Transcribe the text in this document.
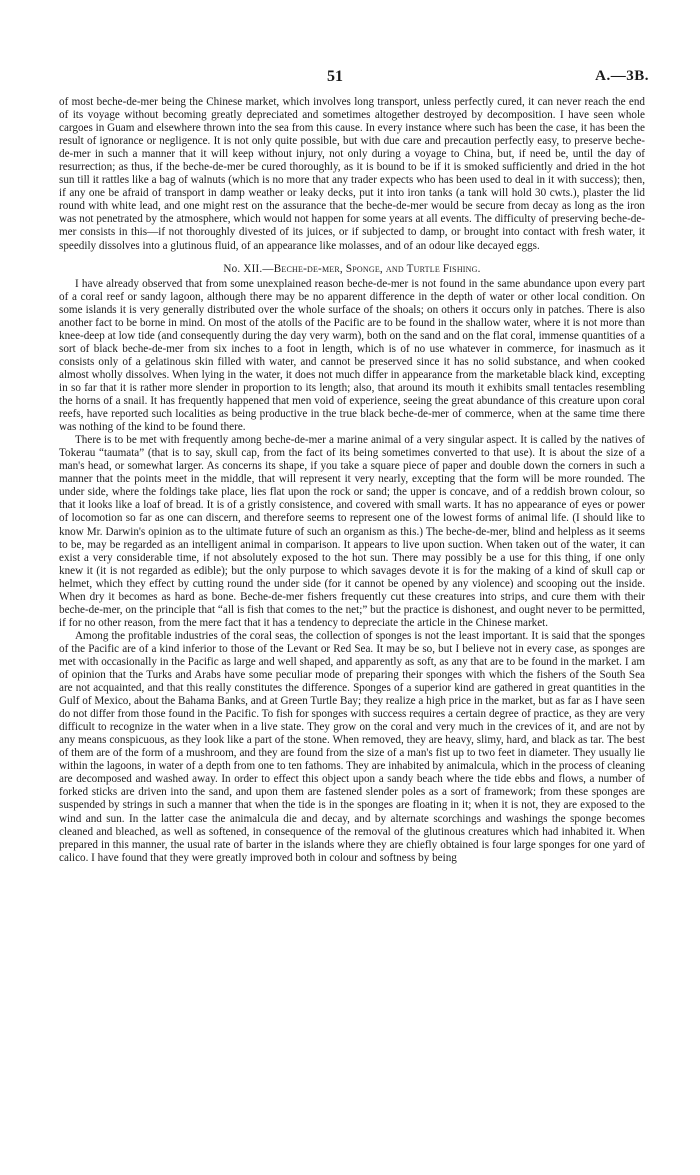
51	A.—3B.

of most beche-de-mer being the Chinese market, which involves long transport, unless perfectly cured, it can never reach the end of its voyage without becoming greatly depreciated and sometimes altogether destroyed by decomposition. I have seen whole cargoes in Guam and elsewhere thrown into the sea from this cause. In every instance where such has been the case, it has been the result of ignorance or negligence. It is not only quite possible, but with due care and precaution perfectly easy, to preserve beche-de-mer in such a manner that it will keep without injury, not only during a voyage to China, but, if need be, until the day of resurrection; as thus, if the beche-de-mer be cured thoroughly, as it is bound to be if it is smoked sufficiently and dried in the hot sun till it rattles like a bag of walnuts (which is no more that any trader expects who has been used to deal in it with success); then, if any one be afraid of transport in damp weather or leaky decks, put it into iron tanks (a tank will hold 30 cwts.), plaster the lid round with white lead, and one might rest on the assurance that the beche-de-mer would be secure from decay as long as the iron was not penetrated by the atmosphere, which would not happen for some years at all events. The difficulty of preserving beche-de-mer consists in this—if not thoroughly divested of its juices, or if subjected to damp, or brought into contact with fresh water, it speedily dissolves into a glutinous fluid, of an appearance like molasses, and of an odour like decayed eggs.

No. XII.—Beche-de-mer, Sponge, and Turtle Fishing.

I have already observed that from some unexplained reason beche-de-mer is not found in the same abundance upon every part of a coral reef or sandy lagoon, although there may be no apparent difference in the depth of water or other local condition. On some islands it is very generally distributed over the whole surface of the shoals; on others it occurs only in patches. There is also another fact to be borne in mind. On most of the atolls of the Pacific are to be found in the shallow water, where it is not more than knee-deep at low tide (and consequently during the day very warm), both on the sand and on the flat coral, immense quantities of a sort of black beche-de-mer from six inches to a foot in length, which is of no use whatever in commerce, for inasmuch as it consists only of a gelatinous skin filled with water, and cannot be preserved since it has no solid substance, and when cooked almost wholly dissolves. When lying in the water, it does not much differ in appearance from the marketable black kind, excepting in so far that it is rather more slender in proportion to its length; also, that around its mouth it exhibits small tentacles resembling the horns of a snail. It has frequently happened that men void of experience, seeing the great abundance of this creature upon coral reefs, have reported such localities as being productive in the true black beche-de-mer of commerce, when at the same time there was nothing of the kind to be found there.

There is to be met with frequently among beche-de-mer a marine animal of a very singular aspect. It is called by the natives of Tokerau “taumata” (that is to say, skull cap, from the fact of its being sometimes converted to that use). It is about the size of a man's head, or somewhat larger. As concerns its shape, if you take a square piece of paper and double down the corners in such a manner that the points meet in the middle, that will represent it very nearly, excepting that the form will be more rounded. The under side, where the foldings take place, lies flat upon the rock or sand; the upper is concave, and of a reddish brown colour, so that it looks like a loaf of bread. It is of a gristly consistence, and covered with small warts. It has no appearance of eyes or power of locomotion so far as one can discern, and therefore seems to represent one of the lowest forms of animal life. (I should like to know Mr. Darwin's opinion as to the ultimate future of such an organism as this.) The beche-de-mer, blind and helpless as it seems to be, may be regarded as an intelligent animal in comparison. It appears to live upon suction. When taken out of the water, it can exist a very considerable time, if not absolutely exposed to the hot sun. There may possibly be a use for this thing, if one only knew it (it is not regarded as edible); but the only purpose to which savages devote it is for the making of a kind of skull cap or helmet, which they effect by cutting round the under side (for it cannot be opened by any violence) and scooping out the inside. When dry it becomes as hard as bone. Beche-de-mer fishers frequently cut these creatures into strips, and cure them with their beche-de-mer, on the principle that “all is fish that comes to the net;” but the practice is dishonest, and ought never to be permitted, if for no other reason, from the mere fact that it has a tendency to depreciate the article in the Chinese market.

Among the profitable industries of the coral seas, the collection of sponges is not the least important. It is said that the sponges of the Pacific are of a kind inferior to those of the Levant or Red Sea. It may be so, but I believe not in every case, as sponges are met with occasionally in the Pacific as large and well shaped, and apparently as soft, as any that are to be found in the market. I am of opinion that the Turks and Arabs have some peculiar mode of preparing their sponges with which the fishers of the South Sea are not acquainted, and that this really constitutes the difference. Sponges of a superior kind are gathered in great quantities in the Gulf of Mexico, about the Bahama Banks, and at Green Turtle Bay; they realize a high price in the market, but as far as I have seen do not differ from those found in the Pacific. To fish for sponges with success requires a certain degree of practice, as they are very difficult to recognize in the water when in a live state. They grow on the coral and very much in the crevices of it, and are not by any means conspicuous, as they look like a part of the stone. When removed, they are heavy, slimy, hard, and black as tar. The best of them are of the form of a mushroom, and they are found from the size of a man's fist up to two feet in diameter. They usually lie within the lagoons, in water of a depth from one to ten fathoms. They are inhabited by animalcula, which in the process of cleaning are decomposed and washed away. In order to effect this object upon a sandy beach where the tide ebbs and flows, a number of forked sticks are driven into the sand, and upon them are fastened slender poles as a sort of framework; from these sponges are suspended by strings in such a manner that when the tide is in the sponges are floating in it; when it is not, they are exposed to the wind and sun. In the latter case the animalcula die and decay, and by alternate scorchings and washings the sponge becomes cleaned and bleached, as well as softened, in consequence of the removal of the glutinous creatures which had inhabited it. When prepared in this manner, the usual rate of barter in the islands where they are chiefly obtained is four large sponges for one yard of calico. I have found that they were greatly improved both in colour and softness by being
